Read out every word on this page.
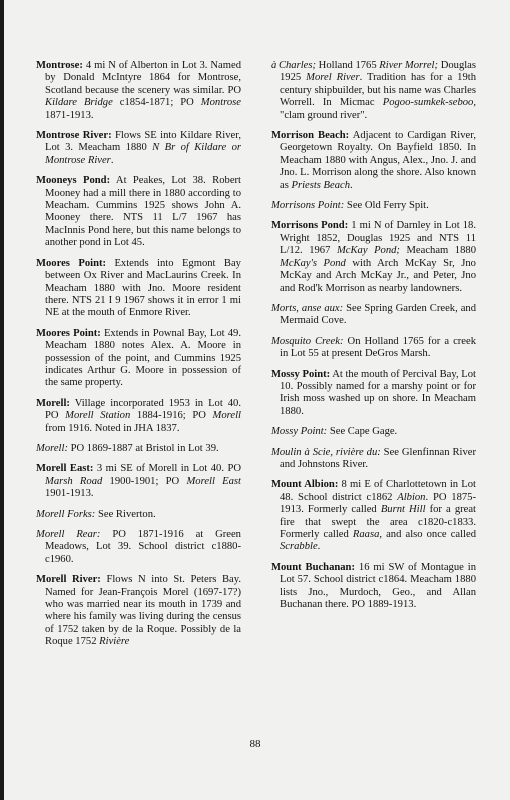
Montrose: 4 mi N of Alberton in Lot 3. Named by Donald McIntyre 1864 for Montrose, Scotland because the scenery was similar. PO Kildare Bridge c1854-1871; PO Montrose 1871-1913.

Montrose River: Flows SE into Kildare River, Lot 3. Meacham 1880 N Br of Kildare or Montrose River.

Mooneys Pond: At Peakes, Lot 38. Robert Mooney had a mill there in 1880 according to Meacham. Cummins 1925 shows John A. Mooney there. NTS 11 L/7 1967 has MacInnis Pond here, but this name belongs to another pond in Lot 45.

Moores Point: Extends into Egmont Bay between Ox River and MacLaurins Creek. In Meacham 1880 with Jno. Moore resident there. NTS 21 I 9 1967 shows it in error 1 mi NE at the mouth of Enmore River.

Moores Point: Extends in Pownal Bay, Lot 49. Meacham 1880 notes Alex. A. Moore in possession of the point, and Cummins 1925 indicates Arthur G. Moore in possession of the same property.

Morell: Village incorporated 1953 in Lot 40. PO Morell Station 1884-1916; PO Morell from 1916. Noted in JHA 1837.

Morell: PO 1869-1887 at Bristol in Lot 39.

Morell East: 3 mi SE of Morell in Lot 40. PO Marsh Road 1900-1901; PO Morell East 1901-1913.

Morell Forks: See Riverton.

Morell Rear: PO 1871-1916 at Green Meadows, Lot 39. School district c1880-c1960.

Morell River: Flows N into St. Peters Bay. Named for Jean-François Morel (1697-17?) who was married near its mouth in 1739 and where his family was living during the census of 1752 taken by de la Roque. Possibly de la Roque 1752 Rivière

à Charles; Holland 1765 River Morrel; Douglas 1925 Morel River. Tradition has for a 19th century shipbuilder, but his name was Charles Worrell. In Micmac Pogoo-sumkek-seboo, "clam ground river".

Morrison Beach: Adjacent to Cardigan River, Georgetown Royalty. On Bayfield 1850. In Meacham 1880 with Angus, Alex., Jno. J. and Jno. L. Morrison along the shore. Also known as Priests Beach.

Morrisons Point: See Old Ferry Spit.

Morrisons Pond: 1 mi N of Darnley in Lot 18. Wright 1852, Douglas 1925 and NTS 11 L/12. 1967 McKay Pond; Meacham 1880 McKay's Pond with Arch McKay Sr, Jno McKay and Arch McKay Jr., and Peter, Jno and Rod'k Morrison as nearby landowners.

Morts, anse aux: See Spring Garden Creek, and Mermaid Cove.

Mosquito Creek: On Holland 1765 for a creek in Lot 55 at present DeGros Marsh.

Mossy Point: At the mouth of Percival Bay, Lot 10. Possibly named for a marshy point or for Irish moss washed up on shore. In Meacham 1880.

Mossy Point: See Cape Gage.

Moulin à Scie, rivière du: See Glenfinnan River and Johnstons River.

Mount Albion: 8 mi E of Charlottetown in Lot 48. School district c1862 Albion. PO 1875-1913. Formerly called Burnt Hill for a great fire that swept the area c1820-c1833. Formerly called Raasa, and also once called Scrabble.

Mount Buchanan: 16 mi SW of Montague in Lot 57. School district c1864. Meacham 1880 lists Jno., Murdoch, Geo., and Allan Buchanan there. PO 1889-1913.

88
